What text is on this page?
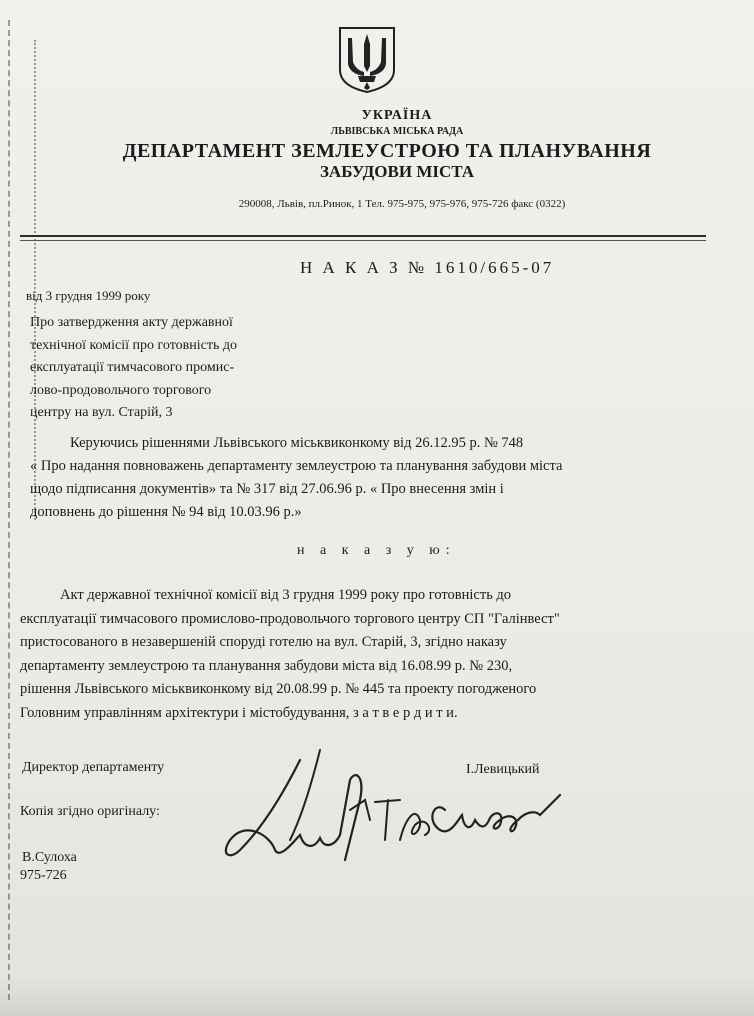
УКРАЇНА
ЛЬВІВСЬКА МІСЬКА РАДА
ДЕПАРТАМЕНТ ЗЕМЛЕУСТРОЮ ТА ПЛАНУВАННЯ
ЗАБУДОВИ МІСТА
290008, Львів, пл.Ринок, 1 Тел. 975-975, 975-976, 975-726 факс (0322)
Н А К А З № 1610/665-07
від 3 грудня 1999 року
Про затвердження акту державної
технічної комісії про готовність до
експлуатації тимчасового промис-
лово-продовольчого торгового
центру на вул. Старій, 3
Керуючись рішеннями Львівського міськвиконкому від 26.12.95 р. № 748
« Про надання повноважень департаменту землеустрою та планування забудови міста
щодо підписання документів» та № 317 від 27.06.96 р. « Про внесення змін і
доповнень до рішення № 94 від 10.03.96 р.»
н а к а з у ю:
Акт державної технічної комісії від 3 грудня 1999 року про готовність до
експлуатації тимчасового промислово-продовольчого торгового центру СП "Галінвест"
пристосованого в незавершеній споруді готелю на вул. Старій, 3, згідно наказу
департаменту землеустрою та планування забудови міста від 16.08.99 р. № 230,
рішення Львівського міськвиконкому від 20.08.99 р. № 445 та проекту погодженого
Головним управлінням архітектури і містобудування, з а т в е р д и т и.
Директор департаменту	І.Левицький
Копія згідно оригіналу:
В.Сулоха
975-726
